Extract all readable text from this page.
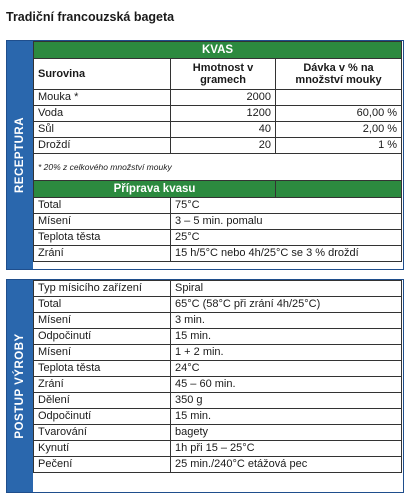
Tradiční francouzská bageta
RECEPTURA
KVAS		
Surovina	Hmotnost v gramech	Dávka v % na množství mouky
Mouka *	2000	
Voda	1200	60,00 %
Sůl	40	2,00 %
Droždí	20	1 %
* 20% z celkového množství mouky		
Příprava kvasu		
Total	75°C	
Mísení	3 – 5 min. pomalu	
Teplota těsta	25°C	
Zrání	15 h/5°C nebo 4h/25°C se 3 % droždí	
POSTUP VÝROBY
Typ mísicího zařízení	Spiral
Total	65°C (58°C při zrání 4h/25°C)
Mísení	3 min.
Odpočinutí	15 min.
Mísení	1 + 2 min.
Teplota těsta	24°C
Zrání	45 – 60 min.
Dělení	350 g
Odpočinutí	15 min.
Tvarování	bagety
Kynutí	1h při 15 – 25°C
Pečení	25 min./240°C etážová pec
